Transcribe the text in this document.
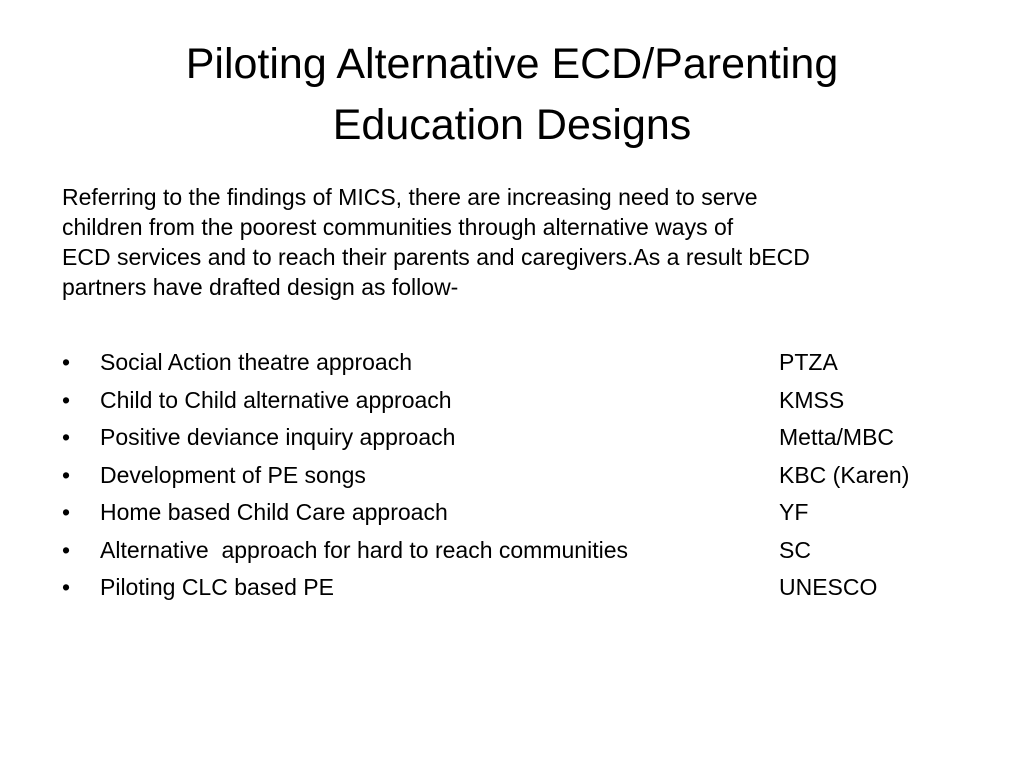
Piloting Alternative ECD/Parenting
Education Designs

Referring to the findings of MICS, there are increasing need to serve
children from the poorest communities through alternative ways of
ECD services and to reach their parents and caregivers.As a result bECD
partners have drafted design as follow-

•	Social Action theatre approach	PTZA
•	Child to Child alternative approach	KMSS
•	Positive deviance inquiry approach	Metta/MBC
•	Development of PE songs	KBC (Karen)
•	Home based Child Care approach	YF
•	Alternative  approach for hard to reach communities	SC
•	Piloting CLC based PE	UNESCO
